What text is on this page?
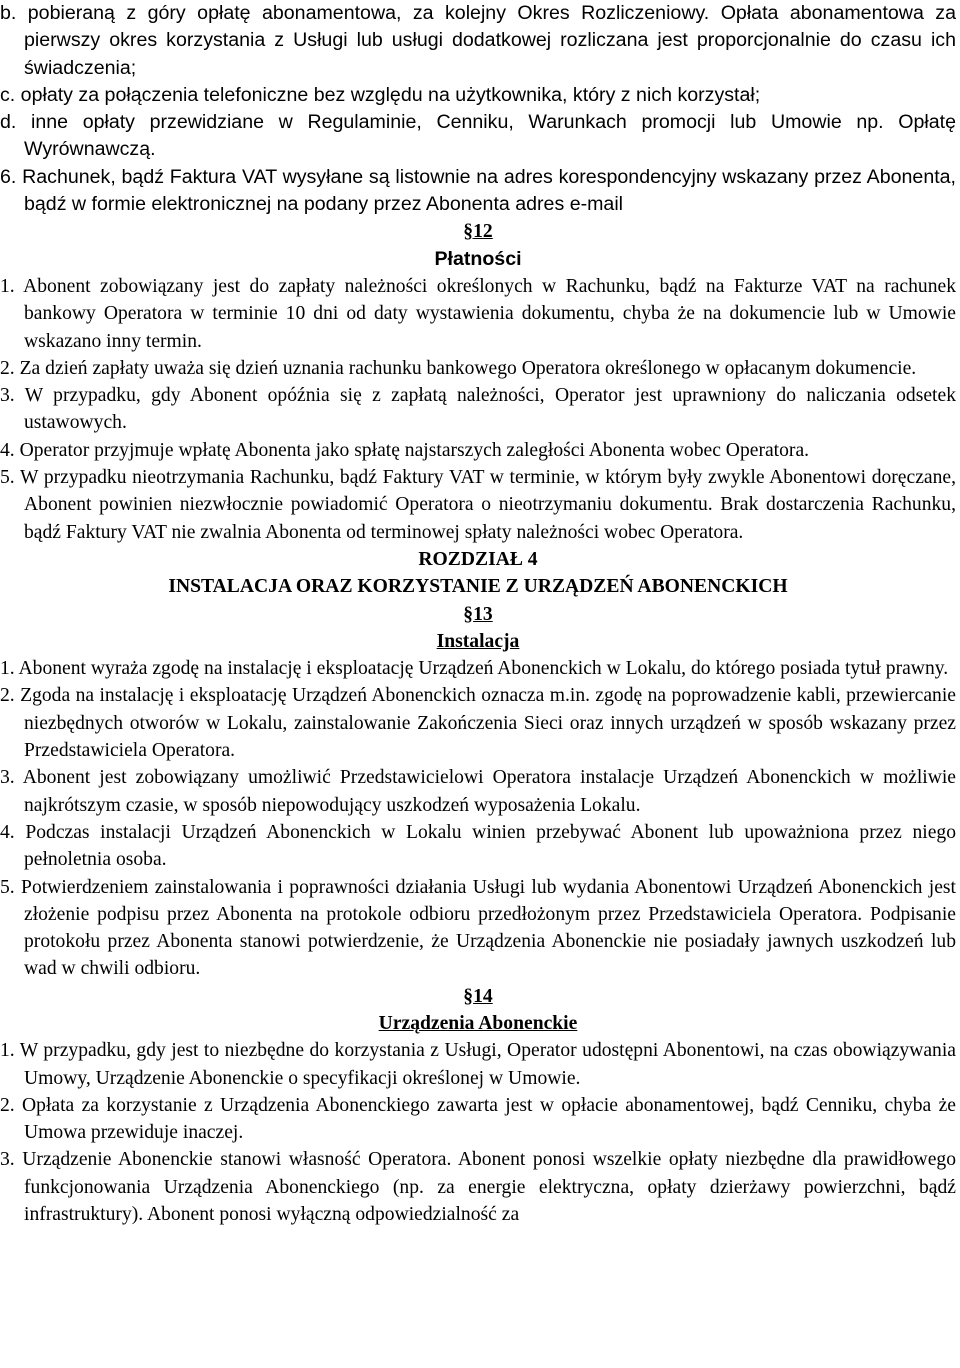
b. pobieraną z góry opłatę abonamentowa, za kolejny Okres Rozliczeniowy. Opłata abonamentowa za pierwszy okres korzystania z Usługi lub usługi dodatkowej rozliczana jest proporcjonalnie do czasu ich świadczenia;

c. opłaty za połączenia telefoniczne bez względu na użytkownika, który z nich korzystał;

d. inne opłaty przewidziane w Regulaminie, Cenniku, Warunkach promocji lub Umowie np. Opłatę Wyrównawczą.

6. Rachunek, bądź Faktura VAT wysyłane są listownie na adres korespondencyjny wskazany przez Abonenta, bądź w formie elektronicznej na podany przez Abonenta adres e-mail

§12

Płatności

1. Abonent zobowiązany jest do zapłaty należności określonych w Rachunku, bądź na Fakturze VAT na rachunek bankowy Operatora w terminie 10 dni od daty wystawienia dokumentu, chyba że na dokumencie lub w Umowie wskazano inny termin.

2. Za dzień zapłaty uważa się dzień uznania rachunku bankowego Operatora określonego w opłacanym dokumencie.

3. W przypadku, gdy Abonent opóźnia się z zapłatą należności, Operator jest uprawniony do naliczania odsetek ustawowych.

4. Operator przyjmuje wpłatę Abonenta jako spłatę najstarszych zaległości Abonenta wobec Operatora.

5. W przypadku nieotrzymania Rachunku, bądź Faktury VAT w terminie, w którym były zwykle Abonentowi doręczane, Abonent powinien niezwłocznie powiadomić Operatora o nieotrzymaniu dokumentu. Brak dostarczenia Rachunku, bądź Faktury VAT nie zwalnia Abonenta od terminowej spłaty należności wobec Operatora.

ROZDZIAŁ 4

INSTALACJA ORAZ KORZYSTANIE Z URZĄDZEŃ ABONENCKICH

§13

Instalacja

1. Abonent wyraża zgodę na instalację i eksploatację Urządzeń Abonenckich w Lokalu, do którego posiada tytuł prawny.

2. Zgoda na instalację i eksploatację Urządzeń Abonenckich oznacza m.in. zgodę na poprowadzenie kabli, przewiercanie niezbędnych otworów w Lokalu, zainstalowanie Zakończenia Sieci oraz innych urządzeń w sposób wskazany przez Przedstawiciela Operatora.

3. Abonent jest zobowiązany umożliwić Przedstawicielowi Operatora instalacje Urządzeń Abonenckich w możliwie najkrótszym czasie, w sposób niepowodujący uszkodzeń wyposażenia Lokalu.

4. Podczas instalacji Urządzeń Abonenckich w Lokalu winien przebywać Abonent lub upoważniona przez niego pełnoletnia osoba.

5. Potwierdzeniem zainstalowania i poprawności działania Usługi lub wydania Abonentowi Urządzeń Abonenckich jest złożenie podpisu przez Abonenta na protokole odbioru przedłożonym przez Przedstawiciela Operatora. Podpisanie protokołu przez Abonenta stanowi potwierdzenie, że Urządzenia Abonenckie nie posiadały jawnych uszkodzeń lub wad w chwili odbioru.

§14

Urządzenia Abonenckie

1. W przypadku, gdy jest to niezbędne do korzystania z Usługi, Operator udostępni Abonentowi, na czas obowiązywania Umowy, Urządzenie Abonenckie o specyfikacji określonej w Umowie.

2. Opłata za korzystanie z Urządzenia Abonenckiego zawarta jest w opłacie abonamentowej, bądź Cenniku, chyba że Umowa przewiduje inaczej.

3. Urządzenie Abonenckie stanowi własność Operatora. Abonent ponosi wszelkie opłaty niezbędne dla prawidłowego funkcjonowania Urządzenia Abonenckiego (np. za energie elektryczna, opłaty dzierżawy powierzchni, bądź infrastruktury). Abonent ponosi wyłączną odpowiedzialność za
